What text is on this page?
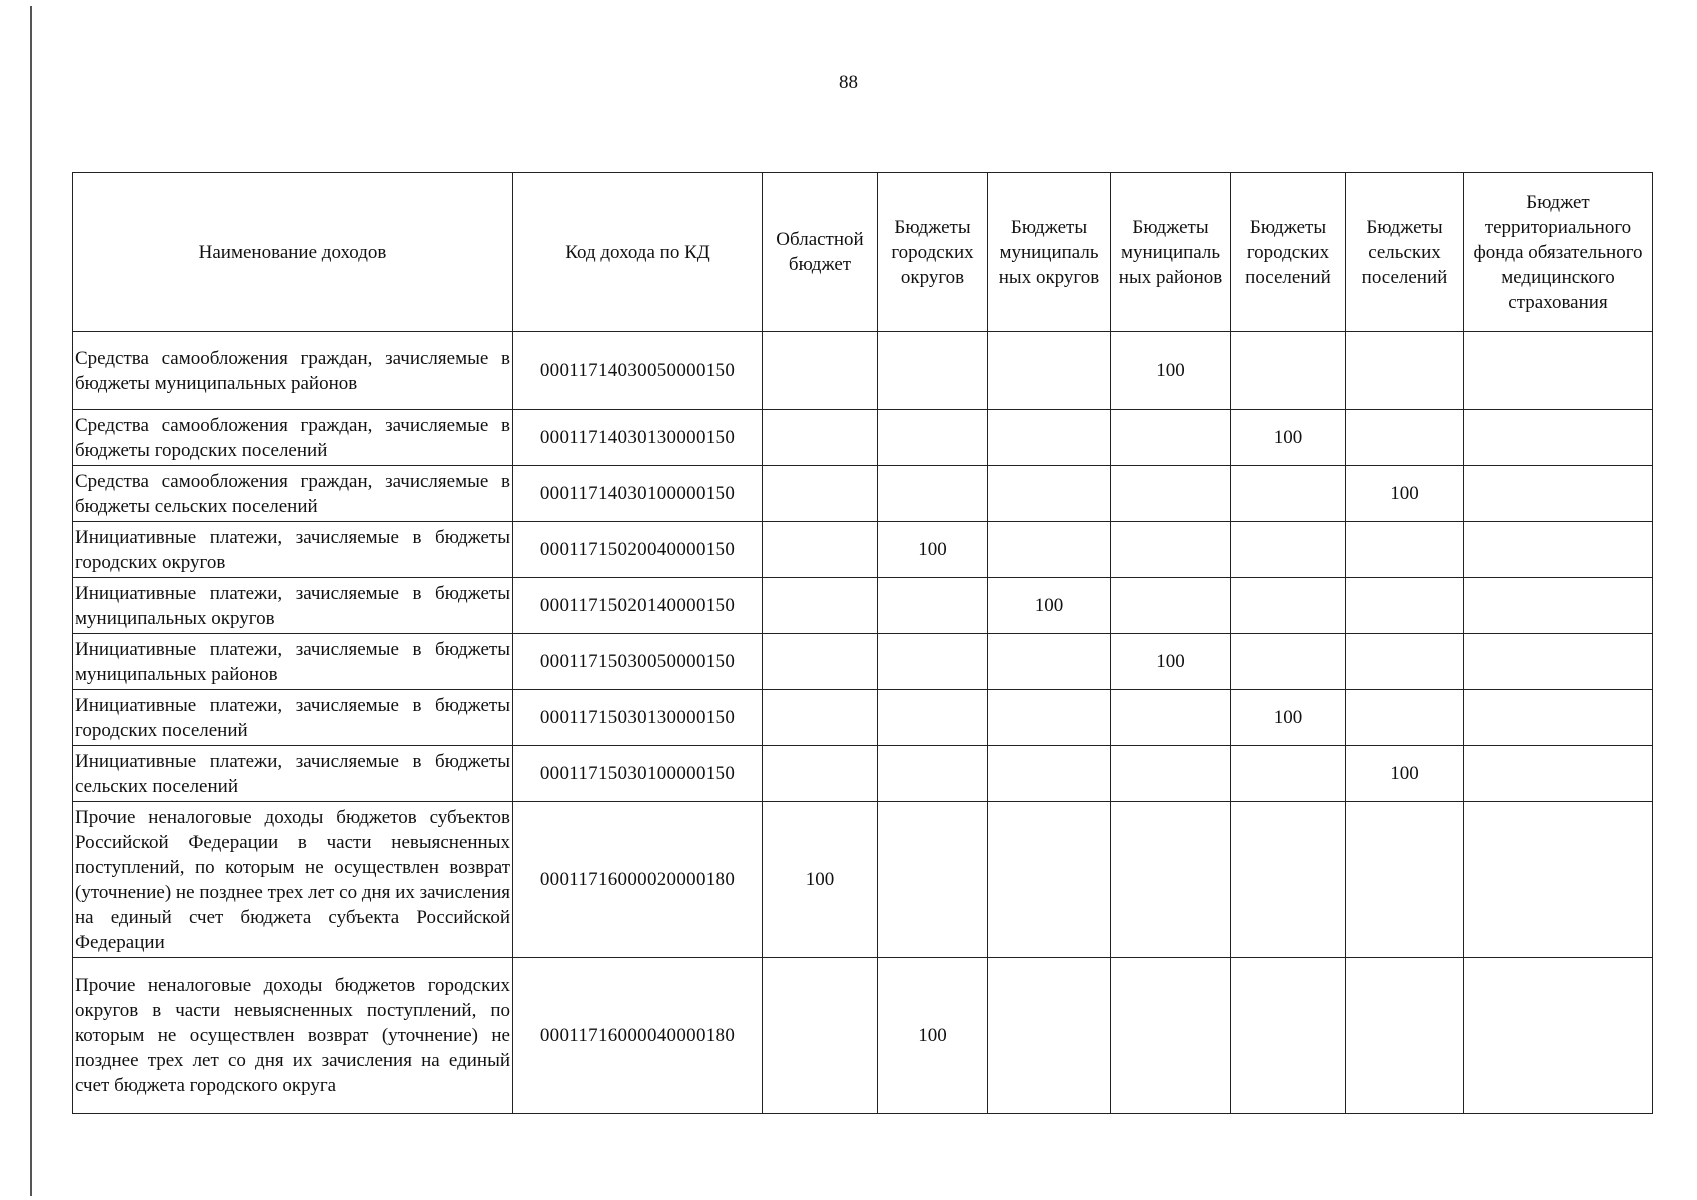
88
Наименование доходов	Код дохода по КД	Областной бюджет	Бюджеты городских округов	Бюджеты муниципаль ных округов	Бюджеты муниципаль ных районов	Бюджеты городских поселений	Бюджеты сельских поселений	Бюджет территориального фонда обязательного медицинского страхования
Средства самообложения граждан, зачисляемые в бюджеты муниципальных районов	00011714030050000150				100			
Средства самообложения граждан, зачисляемые в бюджеты городских поселений	00011714030130000150					100		
Средства самообложения граждан, зачисляемые в бюджеты сельских поселений	00011714030100000150						100	
Инициативные платежи, зачисляемые в бюджеты городских округов	00011715020040000150		100					
Инициативные платежи, зачисляемые в бюджеты муниципальных округов	00011715020140000150			100				
Инициативные платежи, зачисляемые в бюджеты муниципальных районов	00011715030050000150				100			
Инициативные платежи, зачисляемые в бюджеты городских поселений	00011715030130000150					100		
Инициативные платежи, зачисляемые в бюджеты сельских поселений	00011715030100000150						100	
Прочие неналоговые доходы бюджетов субъектов Российской Федерации в части невыясненных поступлений, по которым не осуществлен возврат (уточнение) не позднее трех лет со дня их зачисления на единый счет бюджета субъекта Российской Федерации	00011716000020000180	100						
Прочие неналоговые доходы бюджетов городских округов в части невыясненных поступлений, по которым не осуществлен возврат (уточнение) не позднее трех лет со дня их зачисления на единый счет бюджета городского округа	00011716000040000180		100					
